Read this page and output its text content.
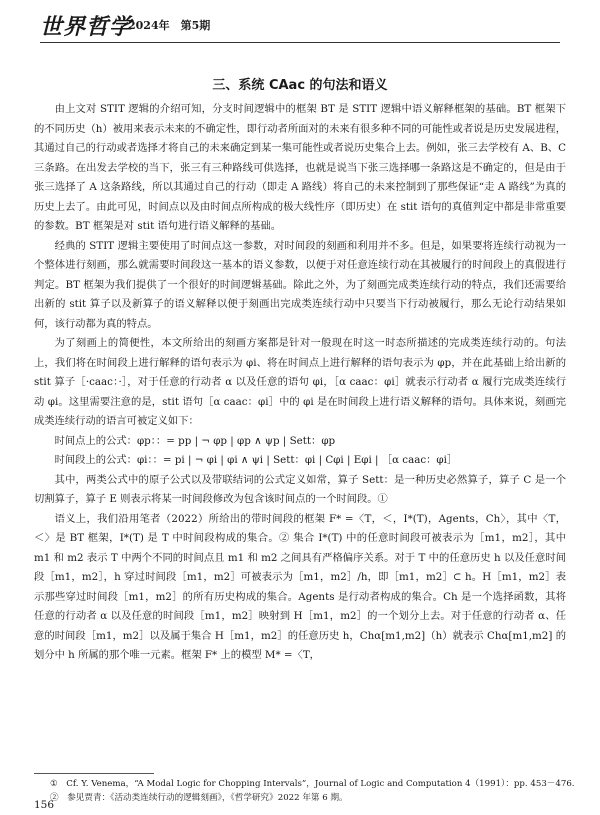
世界哲学
2024年　第5期
三、系统 CAac 的句法和语义

由上文对 STIT 逻辑的介绍可知，分支时间逻辑中的框架 BT 是 STIT 逻辑中语义解释框架的基础。BT 框架下的不同历史（h）被用来表示未来的不确定性，即行动者所面对的未来有很多种不同的可能性或者说是历史发展进程，其通过自己的行动或者选择才将自己的未来确定到某一集可能性或者说历史集合上去。例如，张三去学校有 A、B、C 三条路。在出发去学校的当下，张三有三种路线可供选择，也就是说当下张三选择哪一条路这是不确定的，但是由于张三选择了 A 这条路线，所以其通过自己的行动（即走 A 路线）将自己的未来控制到了那些保证“走 A 路线”为真的历史上去了。由此可见，时间点以及由时间点所构成的极大线性序（即历史）在 stit 语句的真值判定中都是非常重要的参数。BT 框架是对 stit 语句进行语义解释的基础。

经典的 STIT 逻辑主要使用了时间点这一参数，对时间段的刻画和利用并不多。但是，如果要将连续行动视为一个整体进行刻画，那么就需要时间段这一基本的语义参数，以便于对任意连续行动在其被履行的时间段上的真假进行判定。BT 框架为我们提供了一个很好的时间逻辑基础。除此之外，为了刻画完成类连续行动的特点，我们还需要给出新的 stit 算子以及新算子的语义解释以便于刻画出完成类连续行动中只要当下行动被履行，那么无论行动结果如何，该行动都为真的特点。

为了刻画上的简便性，本文所给出的刻画方案都是针对一般现在时这一时态所描述的完成类连续行动的。句法上，我们将在时间段上进行解释的语句表示为 φi、将在时间点上进行解释的语句表示为 φp，并在此基础上给出新的 stit 算子［·caac：·］，对于任意的行动者 α 以及任意的语句 φi，［α caac：φi］就表示行动者 α 履行完成类连续行动 φi。这里需要注意的是，stit 语句［α caac：φi］中的 φi 是在时间段上进行语义解释的语句。具体来说，刻画完成类连续行动的语言可被定义如下：

时间点上的公式：φp：：= pp | ¬ φp | φp ∧ ψp | Sett：φp

时间段上的公式：φi：：= pi | ¬ φi | φi ∧ ψi | Sett：φi | Cφi | Eφi | ［α caac：φi］

其中，两类公式中的原子公式以及带联结词的公式定义如常，算子 Sett：是一种历史必然算子，算子 C 是一个切割算子，算子 E 则表示将某一时间段修改为包含该时间点的一个时间段。①

语义上，我们沿用笔者（2022）所给出的带时间段的框架 F* =〈T，＜，I*(T)，Agents，Ch〉，其中〈T，＜〉是 BT 框架，I*(T) 是 T 中时间段构成的集合。② 集合 I*(T) 中的任意时间段可被表示为［m1，m2］，其中 m1 和 m2 表示 T 中两个不同的时间点且 m1 和 m2 之间具有严格偏序关系。对于 T 中的任意历史 h 以及任意时间段［m1，m2］，h 穿过时间段［m1，m2］可被表示为［m1，m2］∕h，即［m1，m2］⊂ h。H［m1，m2］表示那些穿过时间段［m1，m2］的所有历史构成的集合。Agents 是行动者构成的集合。Ch 是一个选择函数，其将任意的行动者 α 以及任意的时间段［m1，m2］映射到 H［m1，m2］的一个划分上去。对于任意的行动者 α、任意的时间段［m1，m2］以及属于集合 H［m1，m2］的任意历史 h，Chα[m1,m2]（h）就表示 Chα[m1,m2] 的划分中 h 所属的那个唯一元素。框架 F* 上的模型 M* =〈T，

①　Cf. Y. Venema，“A Modal Logic for Chopping Intervals”，Journal of Logic and Computation 4（1991）：pp. 453－476.
②　参见贾青：《活动类连续行动的逻辑刻画》，《哲学研究》2022 年第 6 期。
156
